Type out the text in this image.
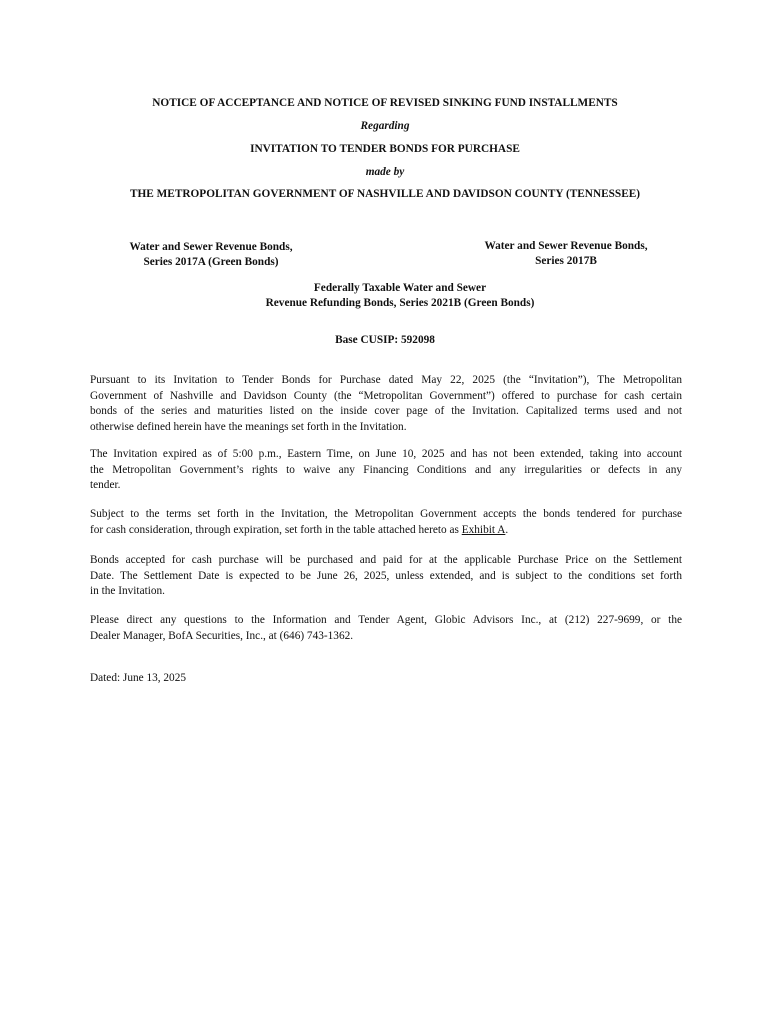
NOTICE OF ACCEPTANCE AND NOTICE OF REVISED SINKING FUND INSTALLMENTS
Regarding
INVITATION TO TENDER BONDS FOR PURCHASE
made by
THE METROPOLITAN GOVERNMENT OF NASHVILLE AND DAVIDSON COUNTY (TENNESSEE)
Water and Sewer Revenue Bonds,
Series 2017A (Green Bonds)
Water and Sewer Revenue Bonds,
Series 2017B
Federally Taxable Water and Sewer
Revenue Refunding Bonds, Series 2021B (Green Bonds)
Base CUSIP: 592098
Pursuant to its Invitation to Tender Bonds for Purchase dated May 22, 2025 (the “Invitation”), The Metropolitan
Government of Nashville and Davidson County (the “Metropolitan Government”) offered to purchase for cash certain
bonds of the series and maturities listed on the inside cover page of the Invitation. Capitalized terms used and not
otherwise defined herein have the meanings set forth in the Invitation.
The Invitation expired as of 5:00 p.m., Eastern Time, on June 10, 2025 and has not been extended, taking into account
the Metropolitan Government’s rights to waive any Financing Conditions and any irregularities or defects in any
tender.
Subject to the terms set forth in the Invitation, the Metropolitan Government accepts the bonds tendered for purchase
for cash consideration, through expiration, set forth in the table attached hereto as Exhibit A.
Bonds accepted for cash purchase will be purchased and paid for at the applicable Purchase Price on the Settlement
Date. The Settlement Date is expected to be June 26, 2025, unless extended, and is subject to the conditions set forth
in the Invitation.
Please direct any questions to the Information and Tender Agent, Globic Advisors Inc., at (212) 227-9699, or the
Dealer Manager, BofA Securities, Inc., at (646) 743-1362.
Dated: June 13, 2025
